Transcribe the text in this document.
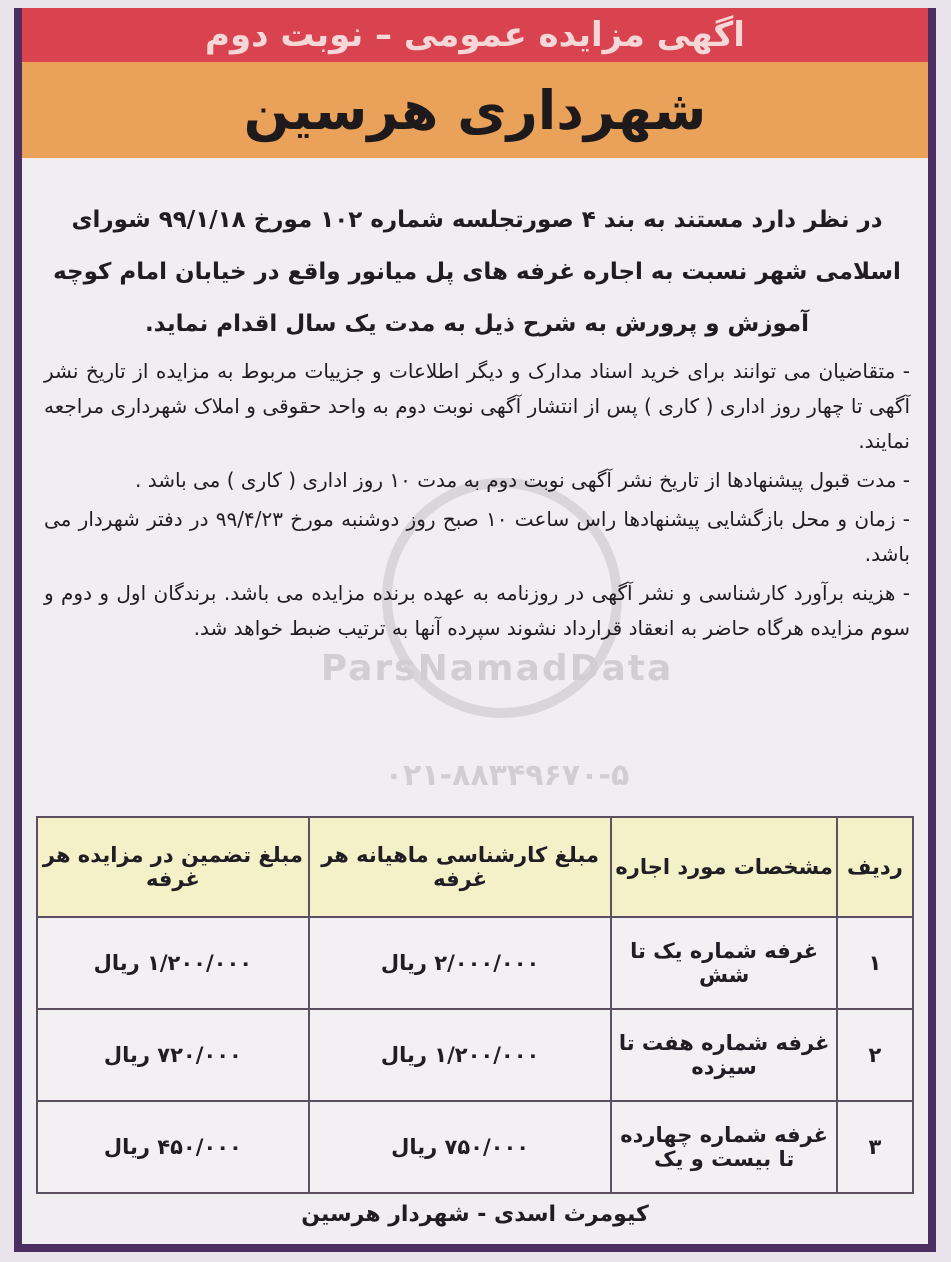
اگهی مزایده عمومی – نوبت دوم
شهرداری هرسین
ParsNamadData
۰۲۱-۸۸۳۴۹۶۷۰-۵
در نظر دارد مستند به بند ۴ صورتجلسه شماره ۱۰۲ مورخ ۹۹/۱/۱۸ شورای اسلامی شهر نسبت به اجاره غرفه های پل میانور واقع در خیابان امام کوچه آموزش و پرورش به شرح ذیل به مدت یک سال اقدام نماید.

- متقاضیان می توانند برای خرید اسناد مدارک و دیگر اطلاعات و جزییات مربوط به مزایده از تاریخ نشر آگهی تا چهار روز اداری ( کاری ) پس از انتشار آگهی نوبت دوم به واحد حقوقی و املاک شهرداری مراجعه نمایند.

- مدت قبول پیشنهادها از تاریخ نشر آگهی نوبت دوم به مدت ۱۰ روز اداری ( کاری ) می باشد .

- زمان و محل بازگشایی پیشنهادها راس ساعت ۱۰ صبح روز دوشنبه مورخ ۹۹/۴/۲۳ در دفتر شهردار می باشد.

- هزینه برآورد کارشناسی و نشر آگهی در روزنامه به عهده برنده مزایده می باشد. برندگان اول و دوم و سوم مزایده هرگاه حاضر به انعقاد قرارداد نشوند سپرده آنها به ترتیب ضبط خواهد شد.

ردیف	مشخصات مورد اجاره	مبلغ کارشناسی ماهیانه هر غرفه	مبلغ تضمین در مزایده هر غرفه
۱	غرفه شماره یک تا شش	۲/۰۰۰/۰۰۰ ریال	۱/۲۰۰/۰۰۰ ریال
۲	غرفه شماره هفت تا سیزده	۱/۲۰۰/۰۰۰ ریال	۷۲۰/۰۰۰ ریال
۳	غرفه شماره چهارده تا بیست و یک	۷۵۰/۰۰۰ ریال	۴۵۰/۰۰۰ ریال
کیومرث اسدی - شهردار هرسین
